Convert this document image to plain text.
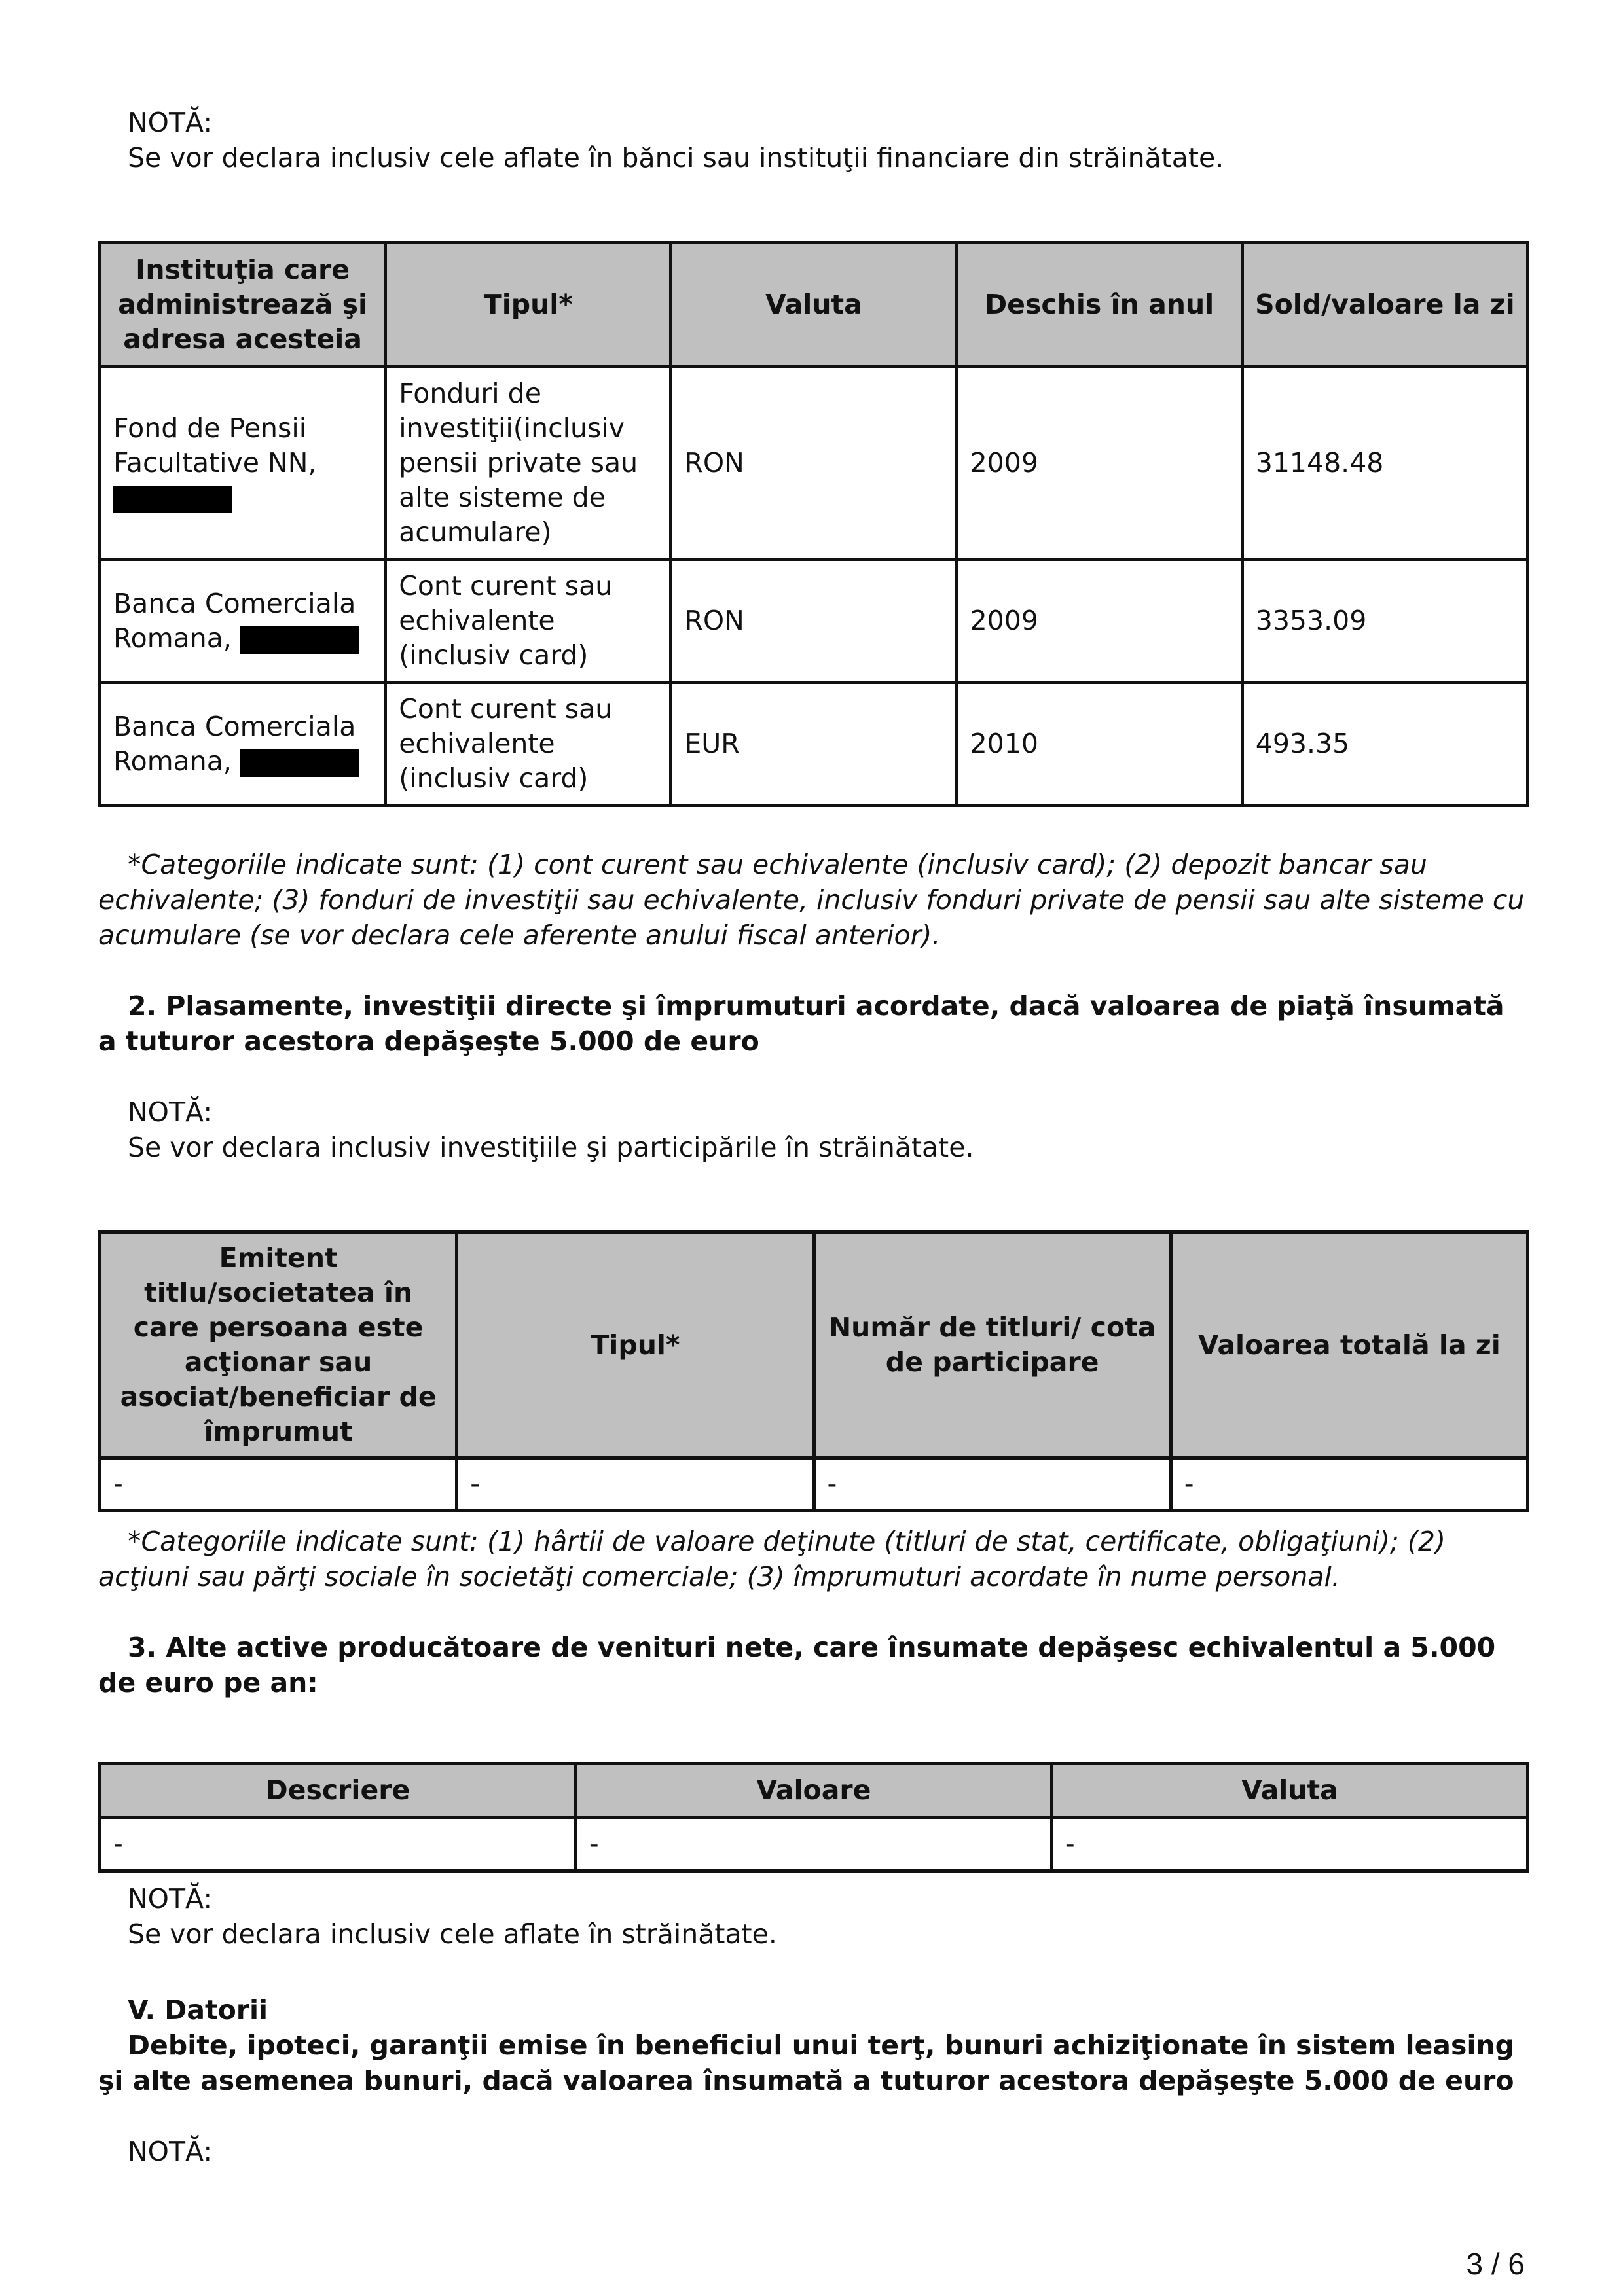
NOTĂ:
Se vor declara inclusiv cele aflate în bănci sau instituţii financiare din străinătate.
Instituţia care administrează şi adresa acesteia	Tipul*	Valuta	Deschis în anul	Sold/valoare la zi
Fond de Pensii Facultative NN,	Fonduri de investiţii(inclusiv pensii private sau alte sisteme de acumulare)	RON	2009	31148.48
Banca Comerciala Romana,	Cont curent sau echivalente (inclusiv card)	RON	2009	3353.09
Banca Comerciala Romana,	Cont curent sau echivalente (inclusiv card)	EUR	2010	493.35
*Categoriile indicate sunt: (1) cont curent sau echivalente (inclusiv card); (2) depozit bancar sau echivalente; (3) fonduri de investiţii sau echivalente, inclusiv fonduri private de pensii sau alte sisteme cu acumulare (se vor declara cele aferente anului fiscal anterior).
2. Plasamente, investiţii directe şi împrumuturi acordate, dacă valoarea de piaţă însumată a tuturor acestora depăşeşte 5.000 de euro
NOTĂ:
Se vor declara inclusiv investiţiile şi participările în străinătate.
Emitent titlu/societatea în care persoana este acţionar sau asociat/beneficiar de împrumut	Tipul*	Număr de titluri/ cota de participare	Valoarea totală la zi
-	-	-	-
*Categoriile indicate sunt: (1) hârtii de valoare deţinute (titluri de stat, certificate, obligaţiuni); (2) acţiuni sau părţi sociale în societăţi comerciale; (3) împrumuturi acordate în nume personal.
3. Alte active producătoare de venituri nete, care însumate depăşesc echivalentul a 5.000 de euro pe an:
Descriere	Valoare	Valuta
-	-	-
NOTĂ:
Se vor declara inclusiv cele aflate în străinătate.
V. Datorii
Debite, ipoteci, garanţii emise în beneficiul unui terţ, bunuri achiziţionate în sistem leasing şi alte asemenea bunuri, dacă valoarea însumată a tuturor acestora depăşeşte 5.000 de euro
NOTĂ:
3 / 6
